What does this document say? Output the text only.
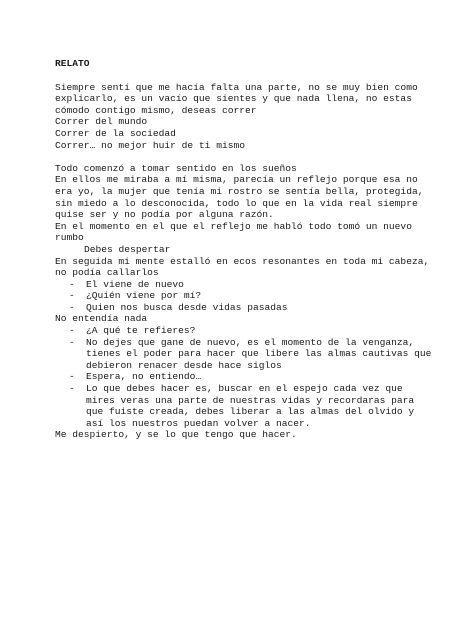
RELATO
Siempre sentí que me hacía falta una parte, no se muy bien como
explicarlo, es un vacío que sientes y que nada llena, no estas
cómodo contigo mismo, deseas correr
Correr del mundo
Correr de la sociedad
Correr… no mejor huir de ti mismo
Todo comenzó a tomar sentido en los sueños
En ellos me miraba a mí misma, parecía un reflejo porque esa no
era yo, la mujer que tenía mi rostro se sentía bella, protegida,
sin miedo a lo desconocida, todo lo que en la vida real siempre
quise ser y no podía por alguna razón.
En el momento en el que el reflejo me habló todo tomó un nuevo
rumbo
Debes despertar
En seguida mi mente estalló en ecos resonantes en toda mi cabeza,
no podía callarlos
- El viene de nuevo
- ¿Quién viene por mí?
- Quien nos busca desde vidas pasadas
No entendía nada
- ¿A qué te refieres?
- No dejes que gane de nuevo, es el momento de la venganza,
tienes el poder para hacer que libere las almas cautivas que
debieron renacer desde hace siglos
- Espera, no entiendo…
- Lo que debes hacer es, buscar en el espejo cada vez que
mires veras una parte de nuestras vidas y recordaras para
que fuiste creada, debes liberar a las almas del olvido y
así los nuestros puedan volver a nacer.
Me despierto, y se lo que tengo que hacer.
